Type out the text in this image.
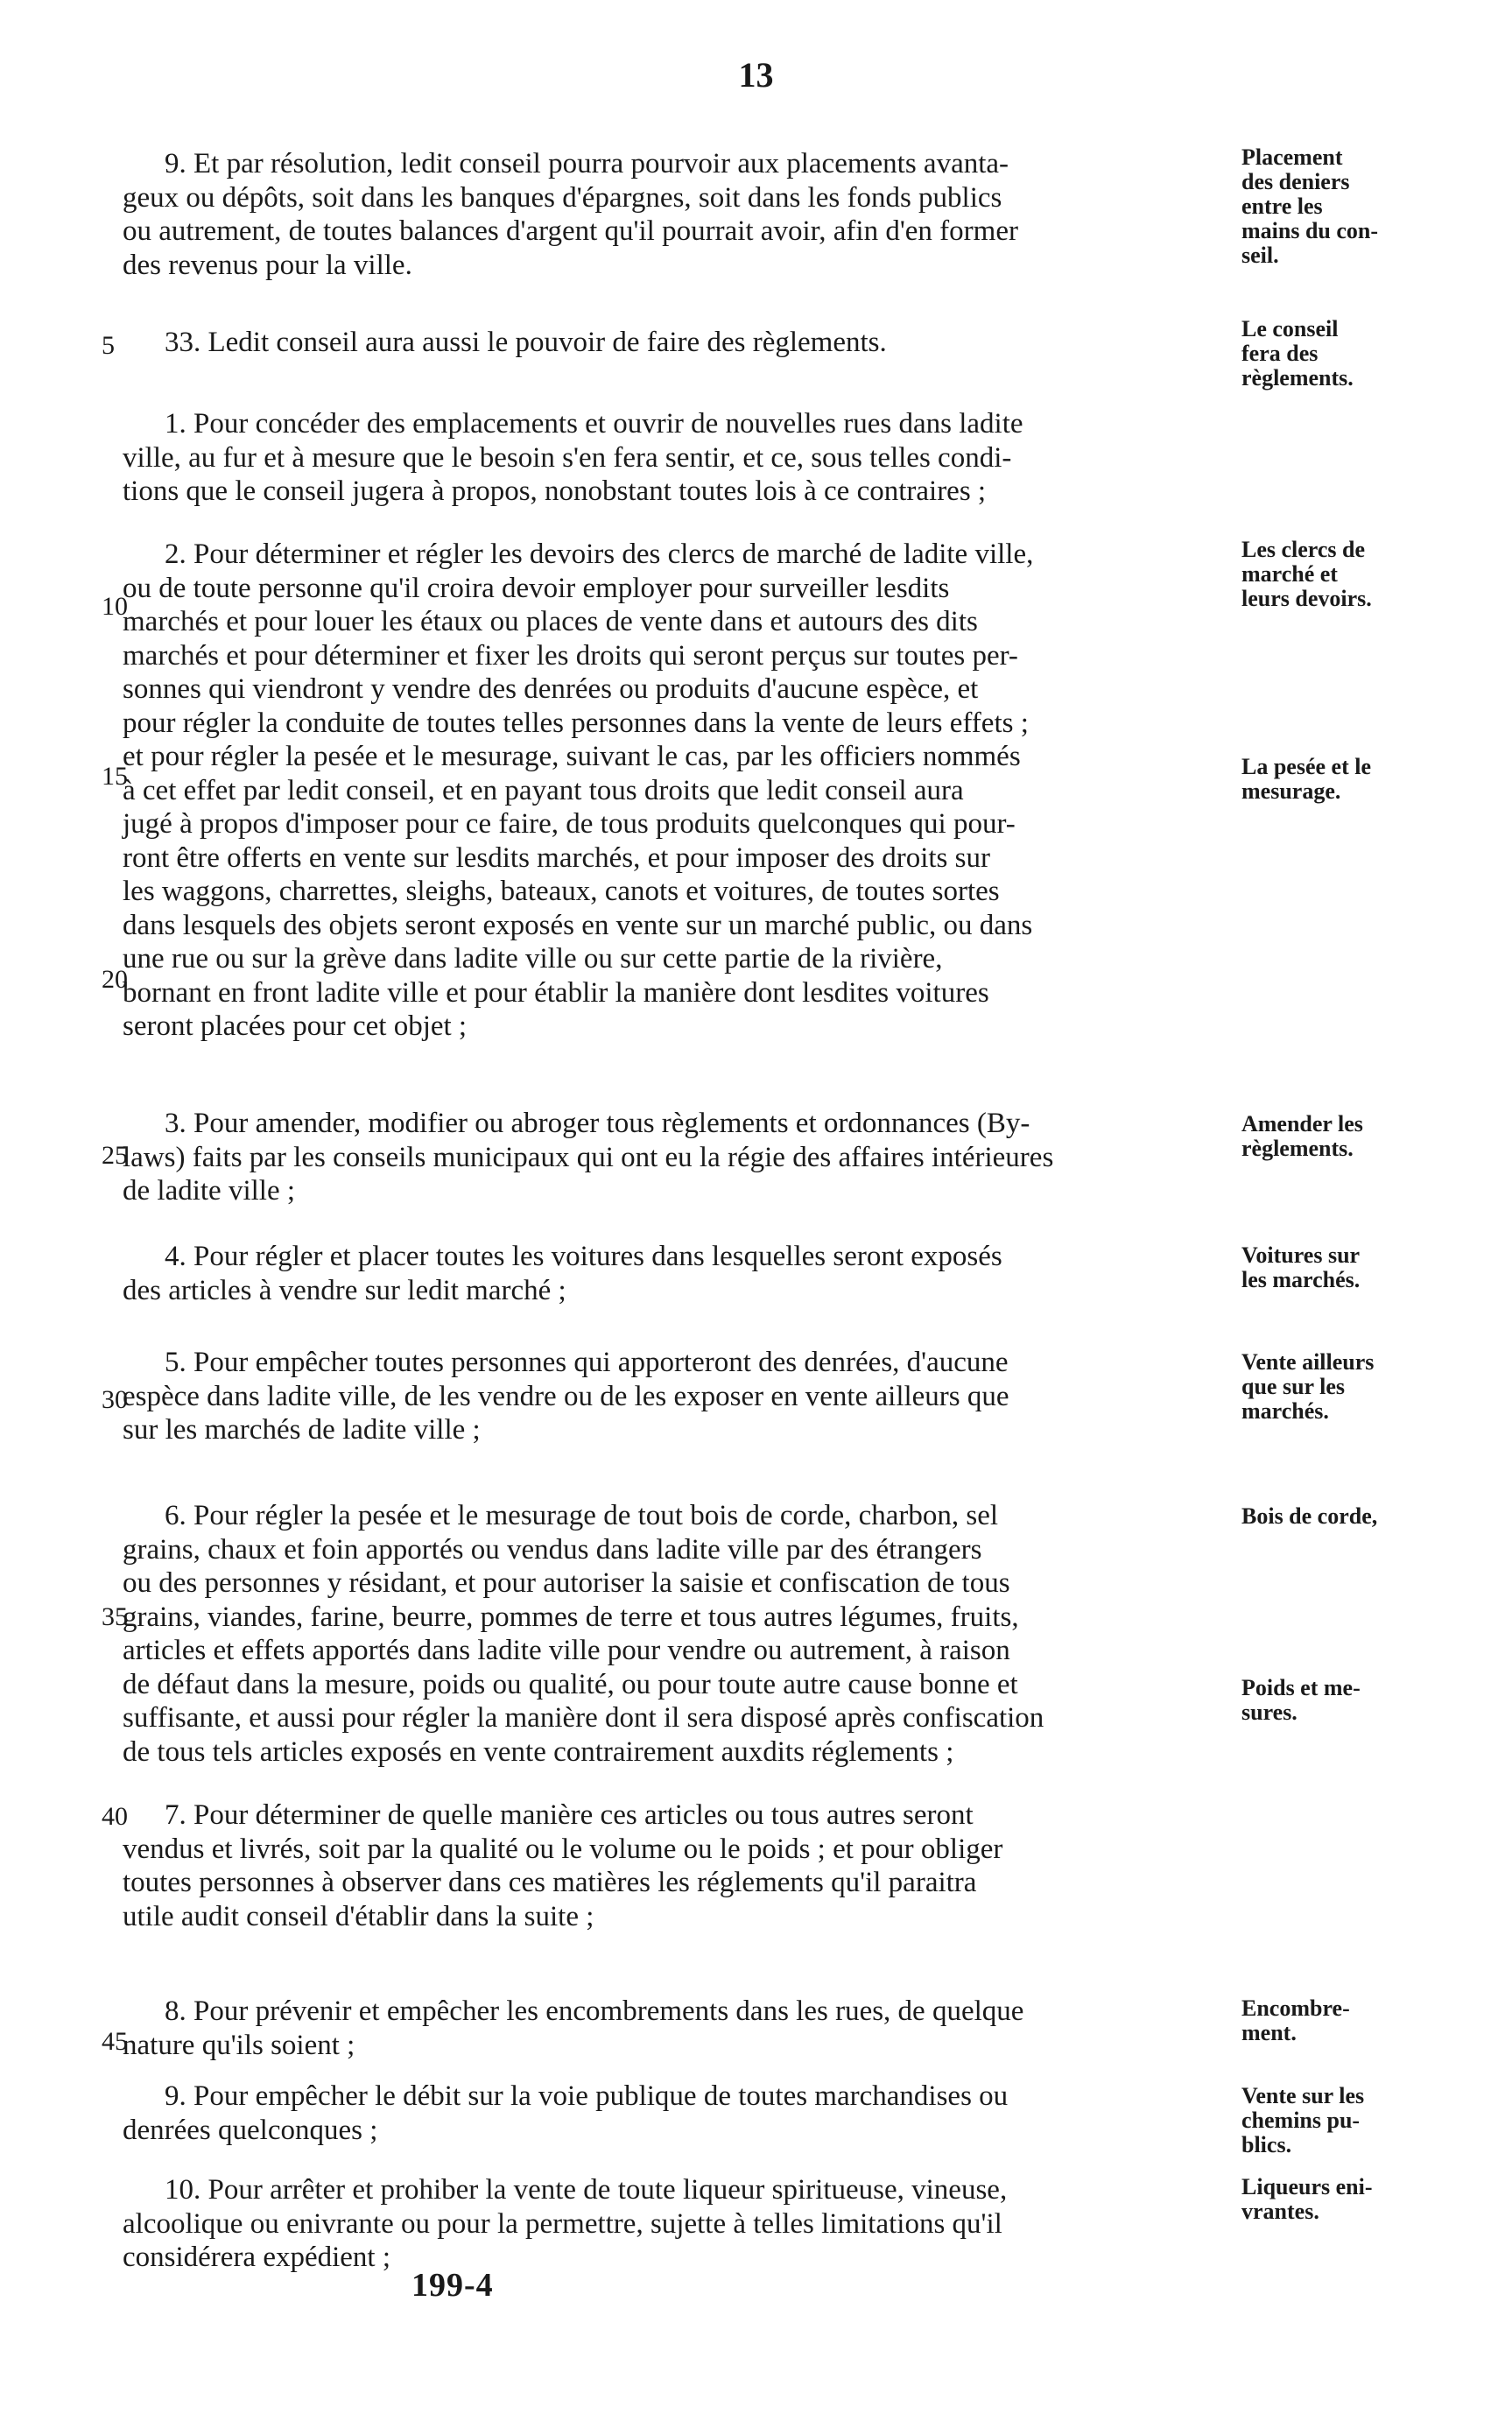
13
9. Et par résolution, ledit conseil pourra pourvoir aux placements avanta-
geux ou dépôts, soit dans les banques d'épargnes, soit dans les fonds publics
ou autrement, de toutes balances d'argent qu'il pourrait avoir, afin d'en former
des revenus pour la ville.
33. Ledit conseil aura aussi le pouvoir de faire des règlements.
1. Pour concéder des emplacements et ouvrir de nouvelles rues dans ladite
ville, au fur et à mesure que le besoin s'en fera sentir, et ce, sous telles condi-
tions que le conseil jugera à propos, nonobstant toutes lois à ce contraires ;
2. Pour déterminer et régler les devoirs des clercs de marché de ladite ville,
ou de toute personne qu'il croira devoir employer pour surveiller lesdits
marchés et pour louer les étaux ou places de vente dans et autours des dits
marchés et pour déterminer et fixer les droits qui seront perçus sur toutes per-
sonnes qui viendront y vendre des denrées ou produits d'aucune espèce, et
pour régler la conduite de toutes telles personnes dans la vente de leurs effets ;
et pour régler la pesée et le mesurage, suivant le cas, par les officiers nommés
à cet effet par ledit conseil, et en payant tous droits que ledit conseil aura
jugé à propos d'imposer pour ce faire, de tous produits quelconques qui pour-
ront être offerts en vente sur lesdits marchés, et pour imposer des droits sur
les waggons, charrettes, sleighs, bateaux, canots et voitures, de toutes sortes
dans lesquels des objets seront exposés en vente sur un marché public, ou dans
une rue ou sur la grève dans ladite ville ou sur cette partie de la rivière,
bornant en front ladite ville et pour établir la manière dont lesdites voitures
seront placées pour cet objet ;
3. Pour amender, modifier ou abroger tous règlements et ordonnances (By-
laws) faits par les conseils municipaux qui ont eu la régie des affaires intérieures
de ladite ville ;
4. Pour régler et placer toutes les voitures dans lesquelles seront exposés
des articles à vendre sur ledit marché ;
5. Pour empêcher toutes personnes qui apporteront des denrées, d'aucune
espèce dans ladite ville, de les vendre ou de les exposer en vente ailleurs que
sur les marchés de ladite ville ;
6. Pour régler la pesée et le mesurage de tout bois de corde, charbon, sel
grains, chaux et foin apportés ou vendus dans ladite ville par des étrangers
ou des personnes y résidant, et pour autoriser la saisie et confiscation de tous
grains, viandes, farine, beurre, pommes de terre et tous autres légumes, fruits,
articles et effets apportés dans ladite ville pour vendre ou autrement, à raison
de défaut dans la mesure, poids ou qualité, ou pour toute autre cause bonne et
suffisante, et aussi pour régler la manière dont il sera disposé après confiscation
de tous tels articles exposés en vente contrairement auxdits réglements ;
7. Pour déterminer de quelle manière ces articles ou tous autres seront
vendus et livrés, soit par la qualité ou le volume ou le poids ; et pour obliger
toutes personnes à observer dans ces matières les réglements qu'il paraitra
utile audit conseil d'établir dans la suite ;
8. Pour prévenir et empêcher les encombrements dans les rues, de quelque
nature qu'ils soient ;
9. Pour empêcher le débit sur la voie publique de toutes marchandises ou
denrées quelconques ;
10. Pour arrêter et prohiber la vente de toute liqueur spiritueuse, vineuse,
alcoolique ou enivrante ou pour la permettre, sujette à telles limitations qu'il
considérera expédient ;
5
10
15
20
25
30
35
40
45
Placement
des deniers
entre les
mains du con-
seil.
Le conseil
fera des
règlements.
Les clercs de
marché et
leurs devoirs.
La pesée et le
mesurage.
Amender les
règlements.
Voitures sur
les marchés.
Vente ailleurs
que sur les
marchés.
Bois de corde,
Poids et me-
sures.
Encombre-
ment.
Vente sur les
chemins pu-
blics.
Liqueurs eni-
vrantes.
199-4
